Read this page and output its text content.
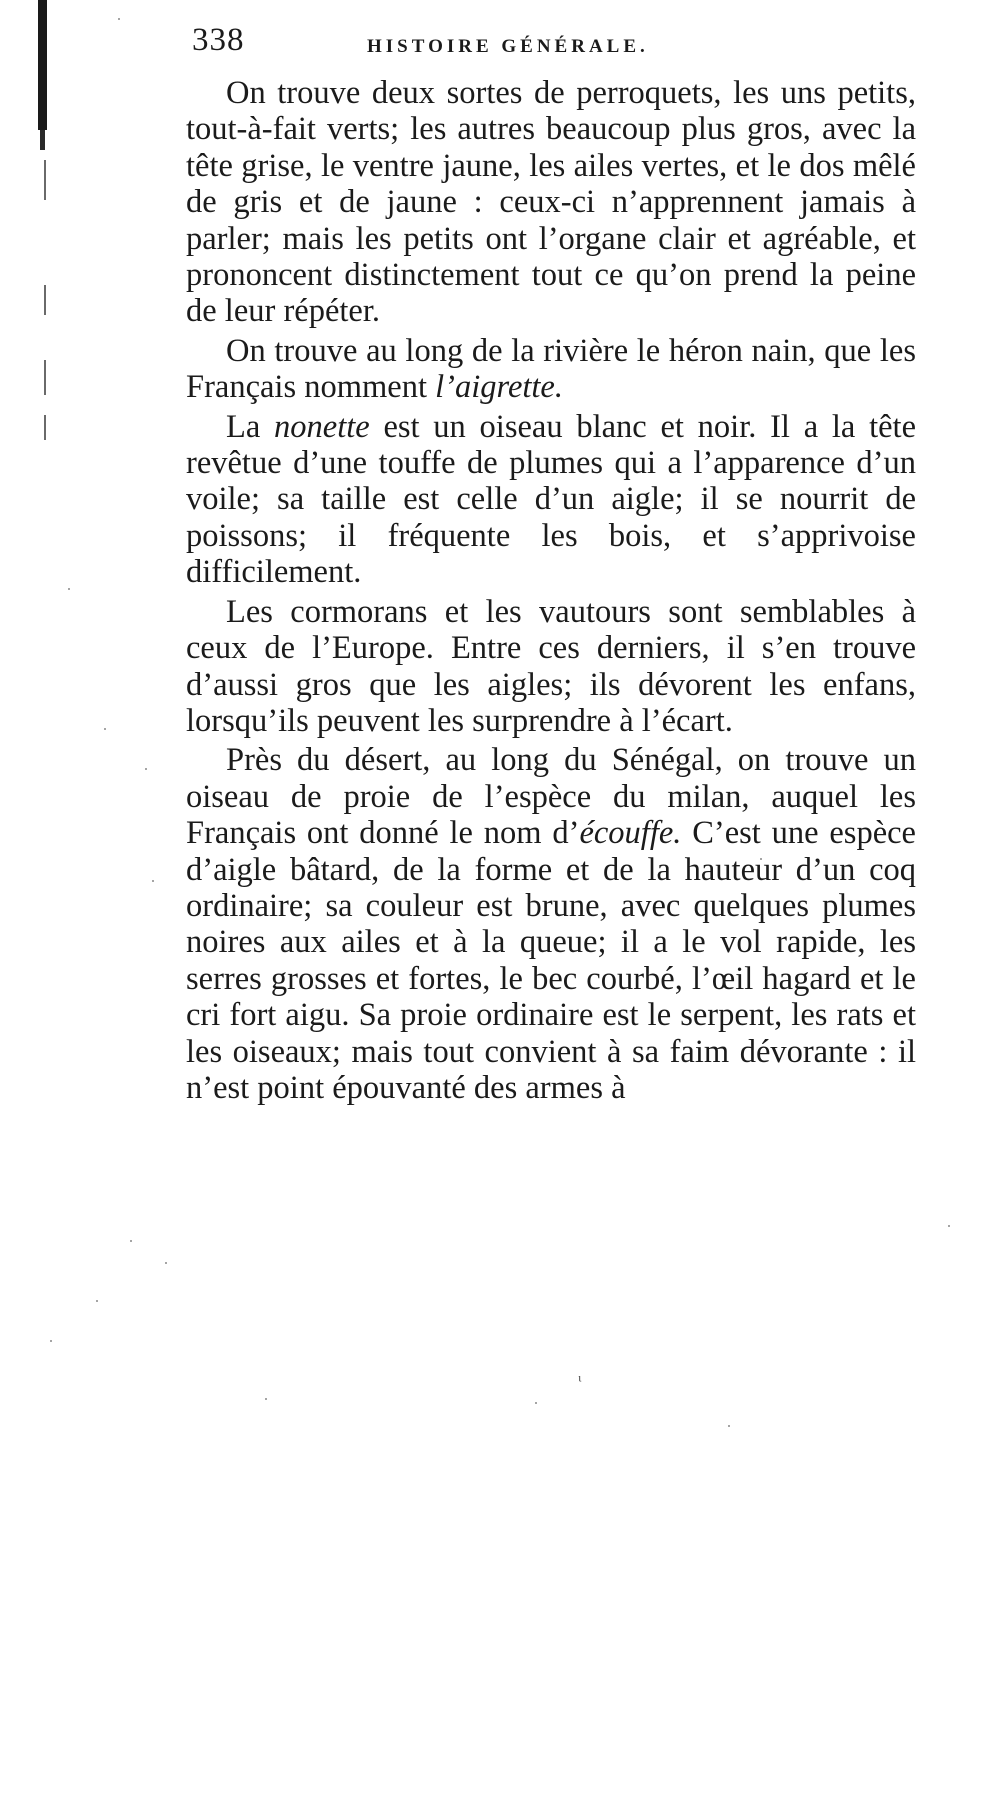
338	HISTOIRE GÉNÉRALE.

On trouve deux sortes de perroquets, les uns petits, tout-à-fait verts; les autres beaucoup plus gros, avec la tête grise, le ventre jaune, les ailes vertes, et le dos mêlé de gris et de jaune : ceux-ci n’apprennent jamais à parler; mais les petits ont l’organe clair et agréable, et prononcent distinctement tout ce qu’on prend la peine de leur répéter.

On trouve au long de la rivière le héron nain, que les Français nomment l’aigrette.

La nonette est un oiseau blanc et noir. Il a la tête revêtue d’une touffe de plumes qui a l’apparence d’un voile; sa taille est celle d’un aigle; il se nourrit de poissons; il fréquente les bois, et s’apprivoise difficilement.

Les cormorans et les vautours sont semblables à ceux de l’Europe. Entre ces derniers, il s’en trouve d’aussi gros que les aigles; ils dévorent les enfans, lorsqu’ils peuvent les surprendre à l’écart.

Près du désert, au long du Sénégal, on trouve un oiseau de proie de l’espèce du milan, auquel les Français ont donné le nom d’écouffe. C’est une espèce d’aigle bâtard, de la forme et de la hauteur d’un coq ordinaire; sa couleur est brune, avec quelques plumes noires aux ailes et à la queue; il a le vol rapide, les serres grosses et fortes, le bec courbé, l’œil hagard et le cri fort aigu. Sa proie ordinaire est le serpent, les rats et les oiseaux; mais tout convient à sa faim dévorante : il n’est point épouvanté des armes à

ᶥ
